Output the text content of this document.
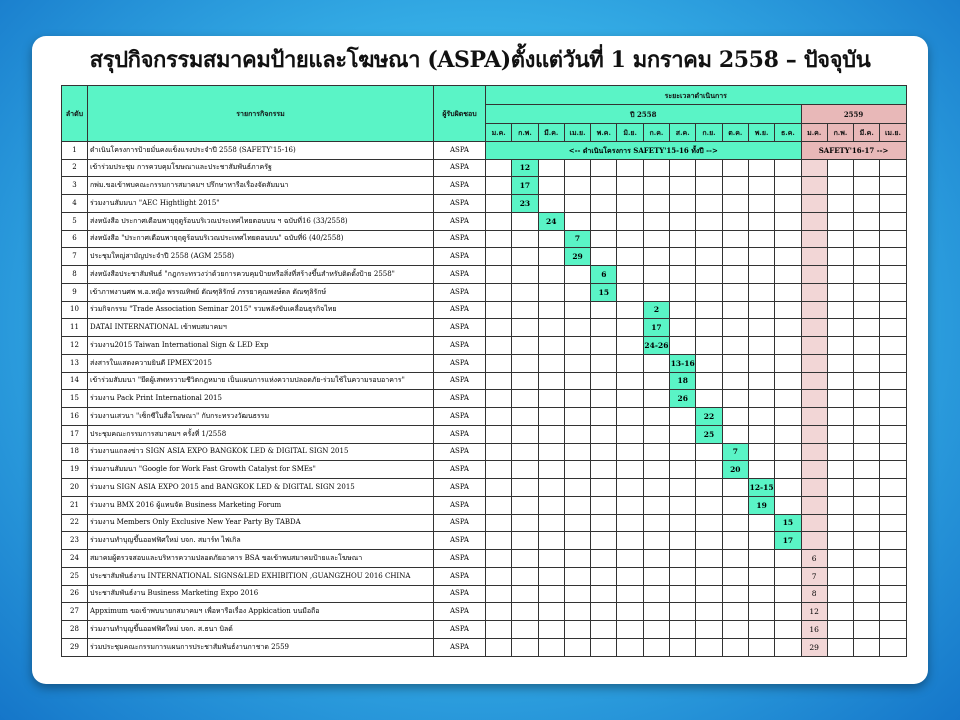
สรุปกิจกรรมสมาคมป้ายและโฆษณา (ASPA)ตั้งแต่วันที่ 1 มกราคม 2558 – ปัจจุบัน
ลำดับ	รายการกิจกรรม	ผู้รับผิดชอบ	ระยะเวลาดำเนินการ															
			ปี 2558												2559			
			ม.ค.	ก.พ.	มี.ค.	เม.ย.	พ.ค.	มิ.ย.	ก.ค.	ส.ค.	ก.ย.	ต.ค.	พ.ย.	ธ.ค.	ม.ค.	ก.พ.	มี.ค.	เม.ย.
1	ดำเนินโครงการป้ายมั่นคงแข็งแรงประจำปี 2558 (SAFETY'15-16)	ASPA	<-- ดำเนินโครงการ SAFETY'15-16 ทั้งปี -->												SAFETY'16-17 -->			
2	เข้าร่วมประชุม การควบคุมโฆษณาและประชาสัมพันธ์ภาครัฐ	ASPA		12														
3	กพ่ม.ขอเข้าพบคณะกรรมการสมาคมฯ ปรึกษาหารือเรื่องจัดสัมมนา	ASPA		17														
4	ร่วมงานสัมมนา "AEC Hightlight 2015"	ASPA		23														
5	ส่งหนังสือ ประกาศเตือนพายุฤดูร้อนบริเวณประเทศไทยตอนบน ฯ ฉบับที่16 (33/2558)	ASPA			24													
6	ส่งหนังสือ "ประกาศเตือนพายุฤดูร้อนบริเวณประเทศไทยตอนบน" ฉบับที่6 (40/2558)	ASPA				7												
7	ประชุมใหญ่สามัญประจำปี 2558 (AGM 2558)	ASPA				29												
8	ส่งหนังสือประชาสัมพันธ์ "กฎกระทรวงว่าด้วยการควบคุมป้ายหรือสิ่งที่สร้างขึ้นสำหรับติดตั้งป้าย 2558"	ASPA					6											
9	เข้าภาพงานศพ พ.อ.หญิง พรรณทิพย์ ตัณฑุลิรักษ์ ภรรยาคุณพงษ์ดล ตัณฑุลิรักษ์	ASPA					15											
10	ร่วมกิจกรรม "Trade Association Seminar 2015" รวมพลังขับเคลื่อนธุรกิจไทย	ASPA							2									
11	DATAI INTERNATIONAL เข้าพบสมาคมฯ	ASPA							17									
12	ร่วมงาน2015 Taiwan International Sign & LED Exp	ASPA							24-26									
13	ส่งสารในแสดงความยินดี IPMEX'2015	ASPA								13-16								
14	เข้าร่วมสัมมนา "ยึดผู้เสพหรวามชีวิตกฎหมาย เป็นแผนการแห่งความปลอดภัย-ร่วมใช้ในความรอบอาคาร"	ASPA								18								
15	ร่วมงาน Pack Print International 2015	ASPA								26								
16	ร่วมงานเสวนา "เซ็กซีในสื่อโฆษณา" กับกระทรวงวัฒนธรรม	ASPA									22							
17	ประชุมคณะกรรมการสมาคมฯ ครั้งที่ 1/2558	ASPA									25							
18	ร่วมงานแถลงข่าว SIGN ASIA EXPO BANGKOK LED & DIGITAL SIGN 2015	ASPA										7						
19	ร่วมงานสัมมนา "Google for Work Fast Growth Catalyst for SMEs"	ASPA										20						
20	ร่วมงาน SIGN ASIA EXPO 2015 and BANGKOK LED & DIGITAL SIGN 2015	ASPA											12-15					
21	ร่วมงาน BMX 2016 ผู้แทนจัด Business Marketing Forum	ASPA											19					
22	ร่วมงาน Members Only Exclusive New Year Party By TABDA	ASPA												15				
23	ร่วมงานทำบุญขึ้นออฟฟิศใหม่ บจก. สมาร์ท ไฟเกิล	ASPA												17				
24	สมาคมผู้ตรวจสอบและบริหารความปลอดภัยอาคาร BSA ขอเข้าพบสมาคมป้ายและโฆษณา	ASPA													6			
25	ประชาสัมพันธ์งาน INTERNATIONAL SIGNS&LED EXHIBITION ,GUANGZHOU 2016 CHINA	ASPA													7			
26	ประชาสัมพันธ์งาน Business Marketing Expo 2016	ASPA													8			
27	Appximum ขอเข้าพบนายกสมาคมฯ เพื่อหารือเรื่อง Appkication บนมือถือ	ASPA													12			
28	ร่วมงานทำบุญขึ้นออฟฟิศใหม่ บจก. ส.ธนา บิลด์	ASPA													16			
29	ร่วมประชุมคณะกรรมการแผนการประชาสัมพันธ์งานกาชาด 2559	ASPA													29			
